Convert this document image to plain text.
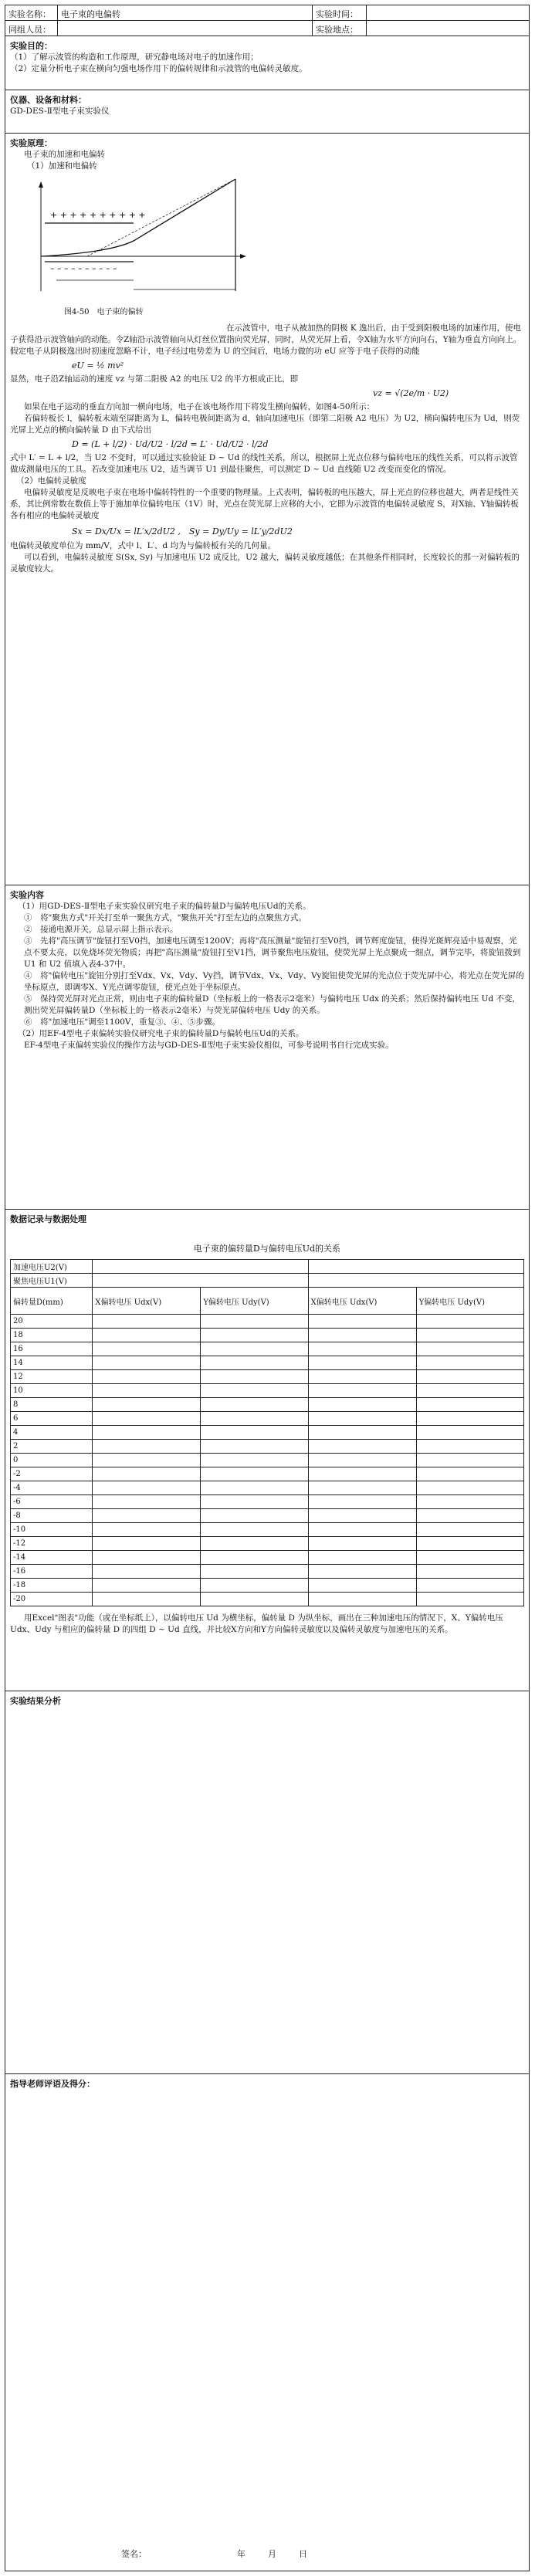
实验名称：	电子束的电偏转	实验时间：
同组人员：	实验地点：
实验目的：

（1）了解示波管的构造和工作原理，研究静电场对电子的加速作用；

（2）定量分析电子束在横向匀强电场作用下的偏转规律和示波管的电偏转灵敏度。

仪器、设备和材料：

GD-DES-Ⅱ型电子束实验仪

实验原理：

电子束的加速和电偏转

（1）加速和电偏转

+ + + + + + + + + +
– – – – – – – – – –
图4-50　电子束的偏转

在示波管中，电子从被加热的阴极 K 逸出后，由于受到阳极电场的加速作用，使电子获得沿示波管轴向的动能。令Z轴沿示波管轴向从灯丝位置指向荧光屏，同时，从荧光屏上看，令X轴为水平方向向右，Y轴为垂直方向向上。假定电子从阴极逸出时初速度忽略不计，电子经过电势差为 U 的空间后，电场力做的功 eU 应等于电子获得的动能

eU = ½ mv²

显然，电子沿Z轴运动的速度 vz 与第二阳极 A2 的电压 U2 的平方根成正比，即

vz = √(2e/m · U2)

如果在电子运动的垂直方向加一横向电场，电子在该电场作用下将发生横向偏转，如图4-50所示：

若偏转板长 l，偏转板末端至屏距离为 L，偏转电极间距离为 d，轴向加速电压（即第二阳极 A2 电压）为 U2，横向偏转电压为 Ud，则荧光屏上光点的横向偏转量 D 由下式给出

D = (L + l/2) · Ud/U2 · l/2d = L′ · Ud/U2 · l/2d

式中 L′ = L + l/2，当 U2 不变时，可以通过实验验证 D ~ Ud 的线性关系，所以，根据屏上光点位移与偏转电压的线性关系，可以将示波管做成测量电压的工具。若改变加速电压 U2，适当调节 U1 到最佳聚焦，可以测定 D ~ Ud 直线随 U2 改变而变化的情况。

（2）电偏转灵敏度

电偏转灵敏度是反映电子束在电场中偏转特性的一个重要的物理量。上式表明，偏转板的电压越大，屏上光点的位移也越大，两者是线性关系，其比例常数在数值上等于施加单位偏转电压（1V）时，光点在荧光屏上应移的大小，它即为示波管的电偏转灵敏度 S，对X轴、Y轴偏转板各有相应的电偏转灵敏度

Sx = Dx/Ux = lL′x/2dU2 ,　Sy = Dy/Uy = lL′y/2dU2

电偏转灵敏度单位为 mm/V，式中 l、L′、d 均为与偏转板有关的几何量。

可以看到，电偏转灵敏度 S(Sx, Sy) 与加速电压 U2 成反比，U2 越大，偏转灵敏度越低；在其他条件相同时，长度较长的那一对偏转板的灵敏度较大。

实验内容

（1）用GD-DES-Ⅱ型电子束实验仪研究电子束的偏转量D与偏转电压Ud的关系。

①　将"聚焦方式"开关打至单一聚焦方式，"聚焦开关"打至左边的点聚焦方式。

②　接通电源开关，总显示屏上指示表示。

③　先将"高压调节"旋钮打至V0挡，加速电压调至1200V；再将"高压测量"旋钮打至V0挡，调节辉度旋钮，使得光斑辉亮适中易观察，光点不要太亮，以免烧坏荧光物质；再把"高压测量"旋钮打至V1挡，调节聚焦电压旋钮，使荧光屏上光点聚成一细点，调节完毕，将旋钮拨到 U1 和 U2 值填入表4-37中。

④　将"偏转电压"旋钮分别打至Vdx、Vx、Vdy、Vy挡，调节Vdx、Vx、Vdy、Vy旋钮使荧光屏的光点位于荧光屏中心，将光点在荧光屏的坐标原点，即调零X、Y光点调零旋钮，使光点处于坐标原点。

⑤　保持荧光屏对光点正常，则由电子束的偏转量D（坐标板上的一格表示2毫米）与偏转电压 Udx 的关系；然后保持偏转电压 Ud 不变，测出荧光屏偏转量D（坐标板上的一格表示2毫米）与荧光屏偏转电压 Udy 的关系。

⑥　将"加速电压"调至1100V，重复③、④、⑤步骤。

（2）用EF-4型电子束偏转实验仪研究电子束的偏转量D与偏转电压Ud的关系。

EF-4型电子束偏转实验仪的操作方法与GD-DES-Ⅱ型电子束实验仪相似，可参考说明书自行完成实验。

数据记录与数据处理
电子束的偏转量D与偏转电压Ud的关系
加速电压U2(V)				
聚焦电压U1(V)				
偏转量D(mm)	X偏转电压 Udx(V)	Y偏转电压 Udy(V)	X偏转电压 Udx(V)	Y偏转电压 Udy(V)
20				
18				
16				
14				
12				
10				
8				
6				
4				
2				
0				
-2				
-4				
-6				
-8				
-10				
-12				
-14				
-16				
-18				
-20				

用Excel"图表"功能（或在坐标纸上），以偏转电压 Ud 为横坐标，偏转量 D 为纵坐标，画出在三种加速电压的情况下，X、Y偏转电压 Udx、Udy 与相应的偏转量 D 的四组 D ~ Ud 直线，并比较X方向和Y方向偏转灵敏度以及偏转灵敏度与加速电压的关系。

实验结果分析
指导老师评语及得分：
签名：	年	月	日
